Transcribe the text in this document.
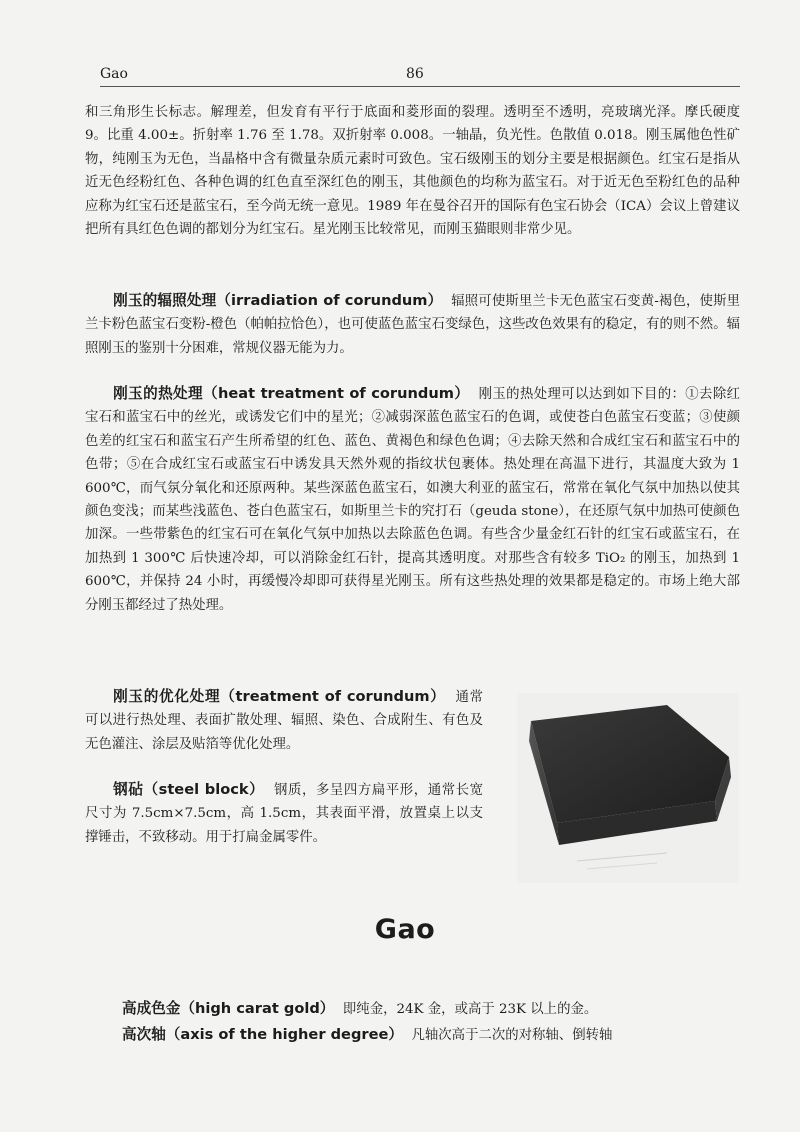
Gao	86

和三角形生长标志。解理差，但发育有平行于底面和菱形面的裂理。透明至不透明，亮玻璃光泽。摩氏硬度 9。比重 4.00±。折射率 1.76 至 1.78。双折射率 0.008。一轴晶，负光性。色散值 0.018。刚玉属他色性矿物，纯刚玉为无色，当晶格中含有微量杂质元素时可致色。宝石级刚玉的划分主要是根据颜色。红宝石是指从近无色经粉红色、各种色调的红色直至深红色的刚玉，其他颜色的均称为蓝宝石。对于近无色至粉红色的品种应称为红宝石还是蓝宝石，至今尚无统一意见。1989 年在曼谷召开的国际有色宝石协会（ICA）会议上曾建议把所有具红色色调的都划分为红宝石。星光刚玉比较常见，而刚玉猫眼则非常少见。

刚玉的辐照处理（irradiation of corundum） 辐照可使斯里兰卡无色蓝宝石变黄-褐色，使斯里兰卡粉色蓝宝石变粉-橙色（帕帕拉恰色），也可使蓝色蓝宝石变绿色，这些改色效果有的稳定，有的则不然。辐照刚玉的鉴别十分困难，常规仪器无能为力。

刚玉的热处理（heat treatment of corundum） 刚玉的热处理可以达到如下目的：①去除红宝石和蓝宝石中的丝光，或诱发它们中的星光；②减弱深蓝色蓝宝石的色调，或使苍白色蓝宝石变蓝；③使颜色差的红宝石和蓝宝石产生所希望的红色、蓝色、黄褐色和绿色色调；④去除天然和合成红宝石和蓝宝石中的色带；⑤在合成红宝石或蓝宝石中诱发具天然外观的指纹状包裹体。热处理在高温下进行，其温度大致为 1 600℃，而气氛分氧化和还原两种。某些深蓝色蓝宝石，如澳大利亚的蓝宝石，常常在氧化气氛中加热以使其颜色变浅；而某些浅蓝色、苍白色蓝宝石，如斯里兰卡的究打石（geuda stone），在还原气氛中加热可使颜色加深。一些带紫色的红宝石可在氧化气氛中加热以去除蓝色色调。有些含少量金红石针的红宝石或蓝宝石，在加热到 1 300℃ 后快速冷却，可以消除金红石针，提高其透明度。对那些含有较多 TiO₂ 的刚玉，加热到 1 600℃，并保持 24 小时，再缓慢冷却即可获得星光刚玉。所有这些热处理的效果都是稳定的。市场上绝大部分刚玉都经过了热处理。

刚玉的优化处理（treatment of corundum） 通常可以进行热处理、表面扩散处理、辐照、染色、合成附生、有色及无色灌注、涂层及贴箔等优化处理。

钢砧（steel block） 钢质，多呈四方扁平形，通常长宽尺寸为 7.5cm×7.5cm，高 1.5cm，其表面平滑，放置桌上以支撑锤击，不致移动。用于打扁金属零件。

Gao

高成色金（high carat gold） 即纯金，24K 金，或高于 23K 以上的金。

高次轴（axis of the higher degree） 凡轴次高于二次的对称轴、倒转轴
